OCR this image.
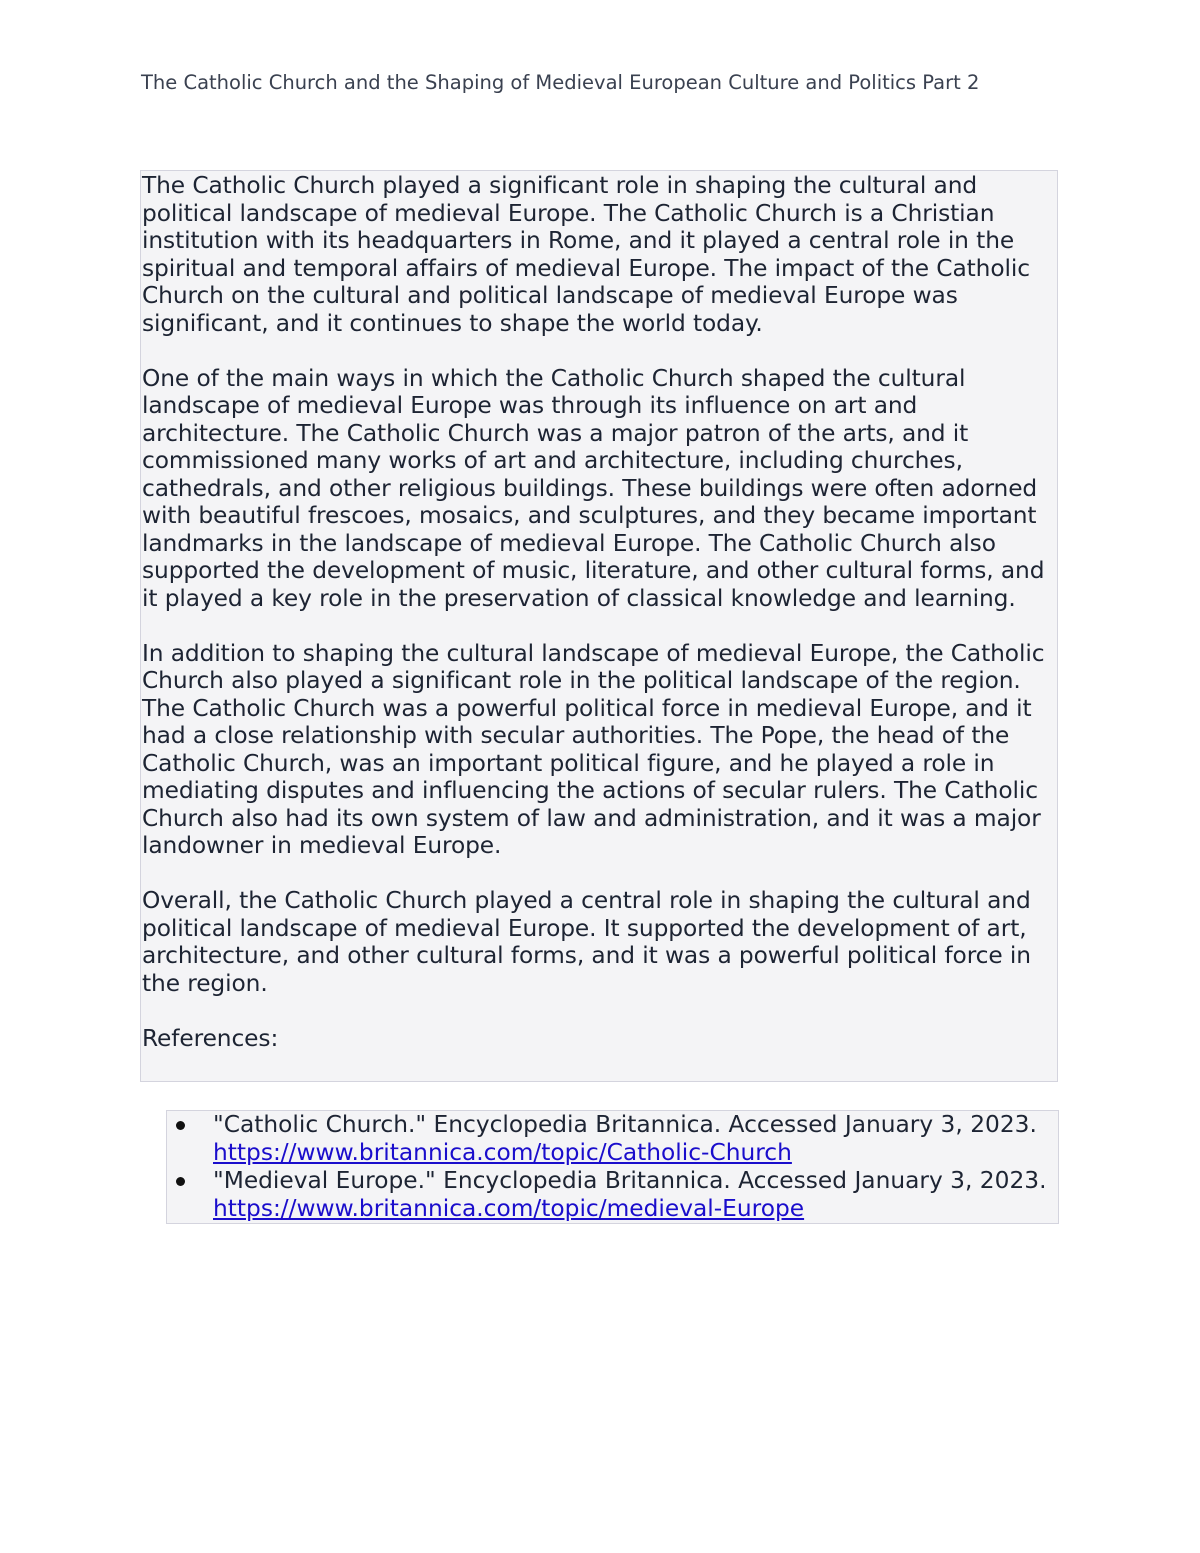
The Catholic Church and the Shaping of Medieval European Culture and Politics Part 2

The Catholic Church played a significant role in shaping the cultural and political landscape of medieval Europe. The Catholic Church is a Christian institution with its headquarters in Rome, and it played a central role in the spiritual and temporal affairs of medieval Europe. The impact of the Catholic Church on the cultural and political landscape of medieval Europe was significant, and it continues to shape the world today.

One of the main ways in which the Catholic Church shaped the cultural landscape of medieval Europe was through its influence on art and architecture. The Catholic Church was a major patron of the arts, and it commissioned many works of art and architecture, including churches, cathedrals, and other religious buildings. These buildings were often adorned with beautiful frescoes, mosaics, and sculptures, and they became important landmarks in the landscape of medieval Europe. The Catholic Church also supported the development of music, literature, and other cultural forms, and it played a key role in the preservation of classical knowledge and learning.

In addition to shaping the cultural landscape of medieval Europe, the Catholic Church also played a significant role in the political landscape of the region. The Catholic Church was a powerful political force in medieval Europe, and it had a close relationship with secular authorities. The Pope, the head of the Catholic Church, was an important political figure, and he played a role in mediating disputes and influencing the actions of secular rulers. The Catholic Church also had its own system of law and administration, and it was a major landowner in medieval Europe.

Overall, the Catholic Church played a central role in shaping the cultural and political landscape of medieval Europe. It supported the development of art, architecture, and other cultural forms, and it was a powerful political force in the region.

References:

"Catholic Church." Encyclopedia Britannica. Accessed January 3, 2023.
https://www.britannica.com/topic/Catholic-Church
"Medieval Europe." Encyclopedia Britannica. Accessed January 3, 2023.
https://www.britannica.com/topic/medieval-Europe
